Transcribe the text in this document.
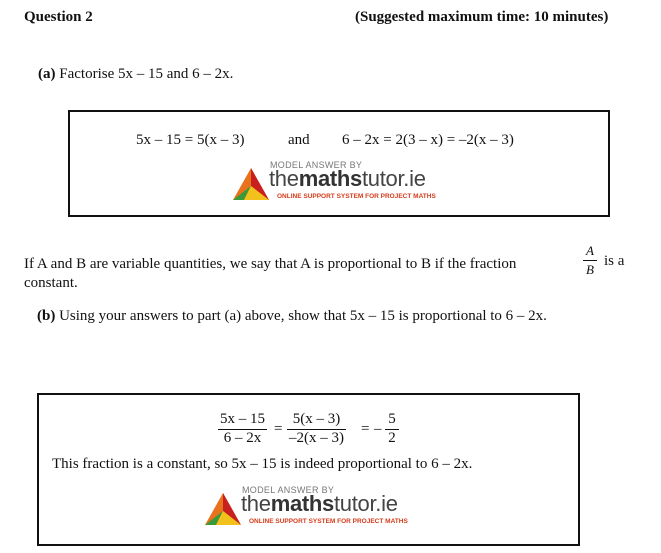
Question 2	(Suggested maximum time: 10 minutes)
(a) Factorise 5x – 15 and 6 – 2x.
5x – 15 = 5(x – 3)	and 6 – 2x = 2(3 – x) = –2(x – 3)
MODEL ANSWER BY
themathstutor.ie
ONLINE SUPPORT SYSTEM FOR PROJECT MATHS
If A and B are variable quantities, we say that A is proportional to B if the fraction
A
B
is a
constant.
(b) Using your answers to part (a) above, show that 5x – 15 is proportional to 6 – 2x.
5x – 15
6 – 2x
=
5(x – 3)
–2(x – 3)
= –
5
2
This fraction is a constant, so 5x – 15 is indeed proportional to 6 – 2x.
MODEL ANSWER BY
themathstutor.ie
ONLINE SUPPORT SYSTEM FOR PROJECT MATHS
